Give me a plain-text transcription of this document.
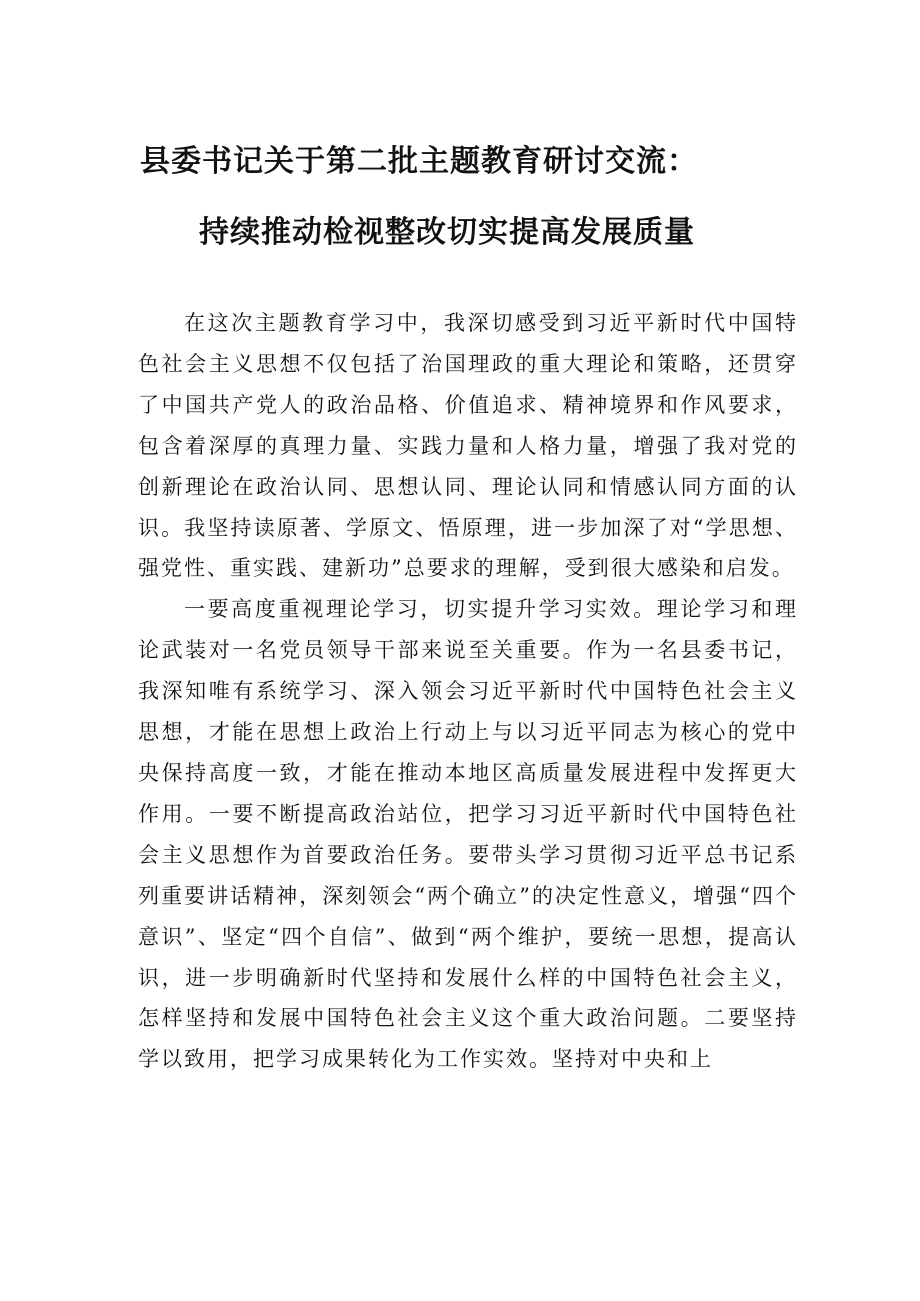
县委书记关于第二批主题教育研讨交流：
持续推动检视整改切实提高发展质量

在这次主题教育学习中，我深切感受到习近平新时代中国特色社会主义思想不仅包括了治国理政的重大理论和策略，还贯穿了中国共产党人的政治品格、价值追求、精神境界和作风要求，包含着深厚的真理力量、实践力量和人格力量，增强了我对党的创新理论在政治认同、思想认同、理论认同和情感认同方面的认识。我坚持读原著、学原文、悟原理，进一步加深了对“学思想、强党性、重实践、建新功”总要求的理解，受到很大感染和启发。

一要高度重视理论学习，切实提升学习实效。理论学习和理论武装对一名党员领导干部来说至关重要。作为一名县委书记，我深知唯有系统学习、深入领会习近平新时代中国特色社会主义思想，才能在思想上政治上行动上与以习近平同志为核心的党中央保持高度一致，才能在推动本地区高质量发展进程中发挥更大作用。一要不断提高政治站位，把学习习近平新时代中国特色社会主义思想作为首要政治任务。要带头学习贯彻习近平总书记系列重要讲话精神，深刻领会“两个确立”的决定性意义，增强“四个意识”、坚定“四个自信”、做到“两个维护，要统一思想，提高认识，进一步明确新时代坚持和发展什么样的中国特色社会主义，怎样坚持和发展中国特色社会主义这个重大政治问题。二要坚持学以致用，把学习成果转化为工作实效。坚持对中央和上
